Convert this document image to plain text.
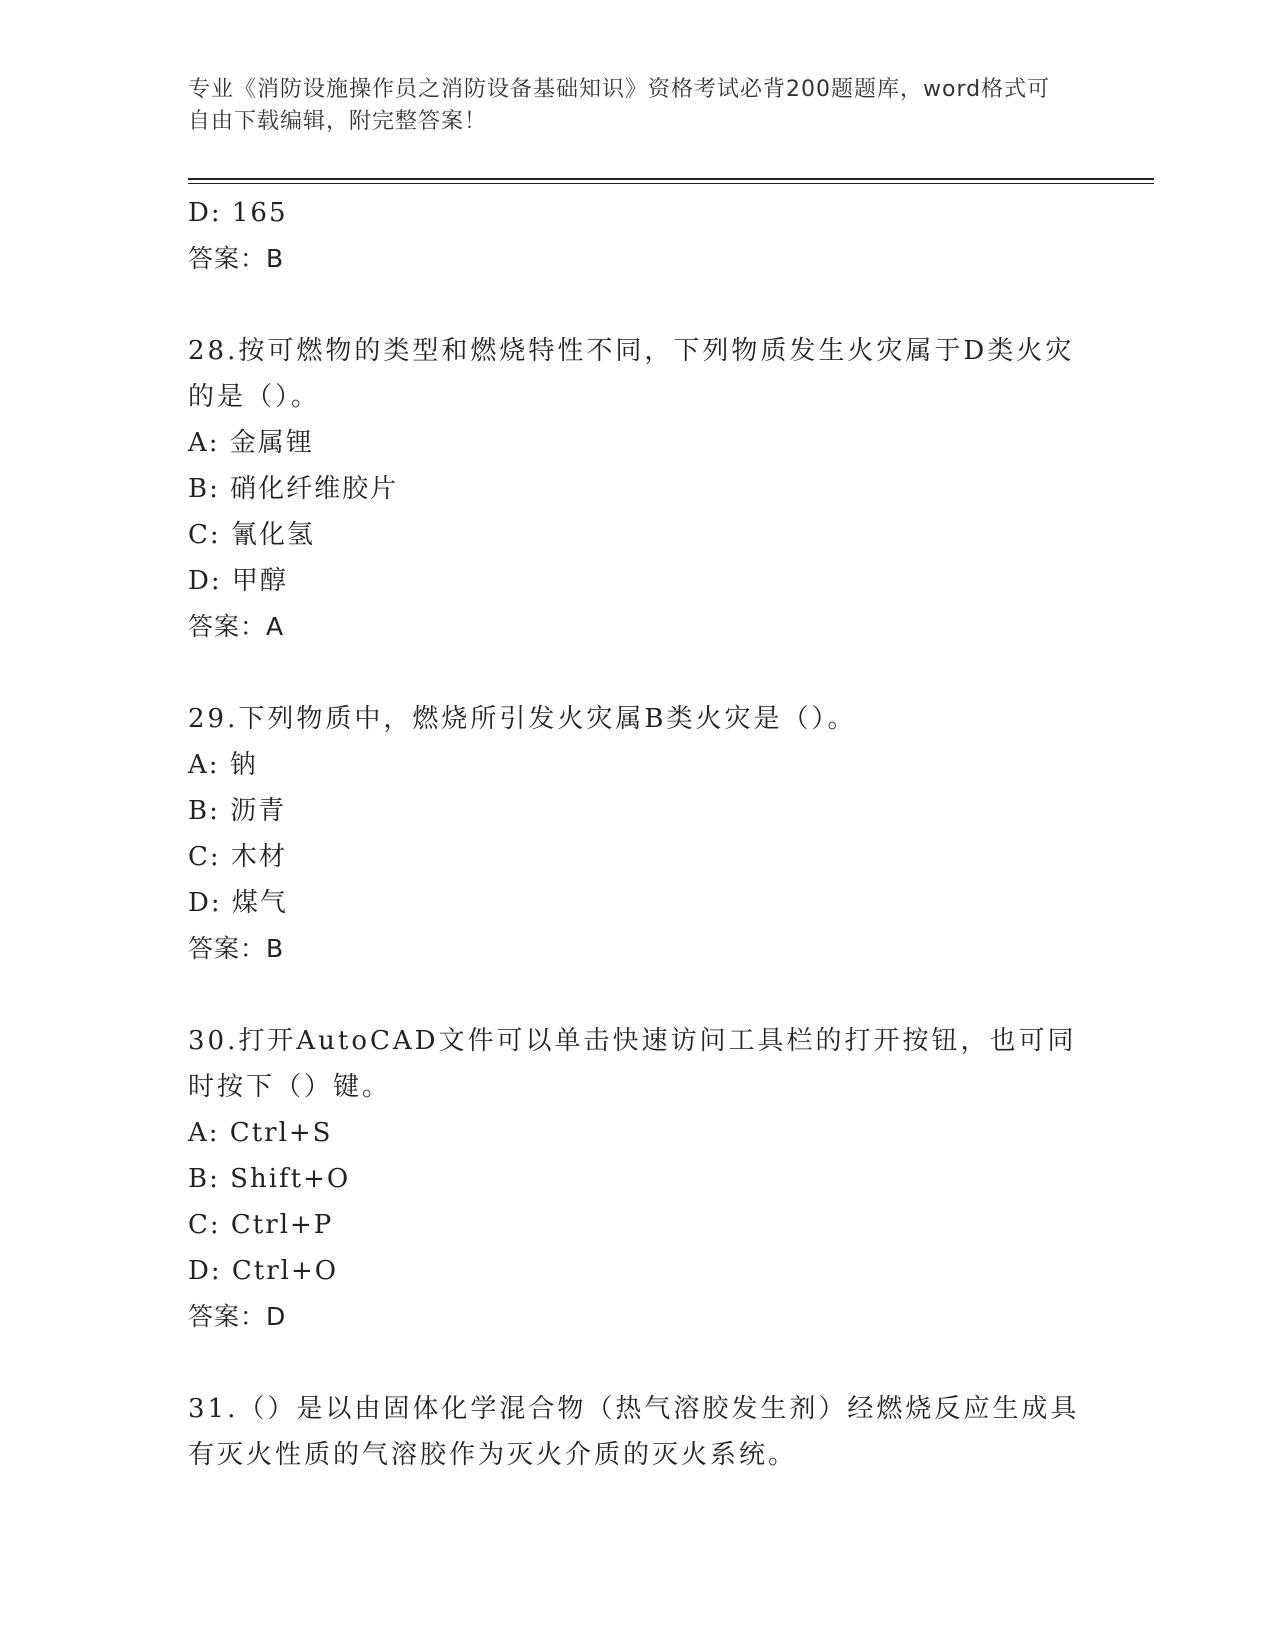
专业《消防设施操作员之消防设备基础知识》资格考试必背200题题库，word格式可自由下载编辑，附完整答案！
D: 165
答案：B
28.按可燃物的类型和燃烧特性不同，下列物质发生火灾属于D类火灾的是（）。
A: 金属锂
B: 硝化纤维胶片
C: 氰化氢
D: 甲醇
答案：A
29.下列物质中，燃烧所引发火灾属B类火灾是（）。
A: 钠
B: 沥青
C: 木材
D: 煤气
答案：B
30.打开AutoCAD文件可以单击快速访问工具栏的打开按钮，也可同时按下（）键。
A: Ctrl+S
B: Shift+O
C: Ctrl+P
D: Ctrl+O
答案：D
31.（）是以由固体化学混合物（热气溶胶发生剂）经燃烧反应生成具有灭火性质的气溶胶作为灭火介质的灭火系统。
